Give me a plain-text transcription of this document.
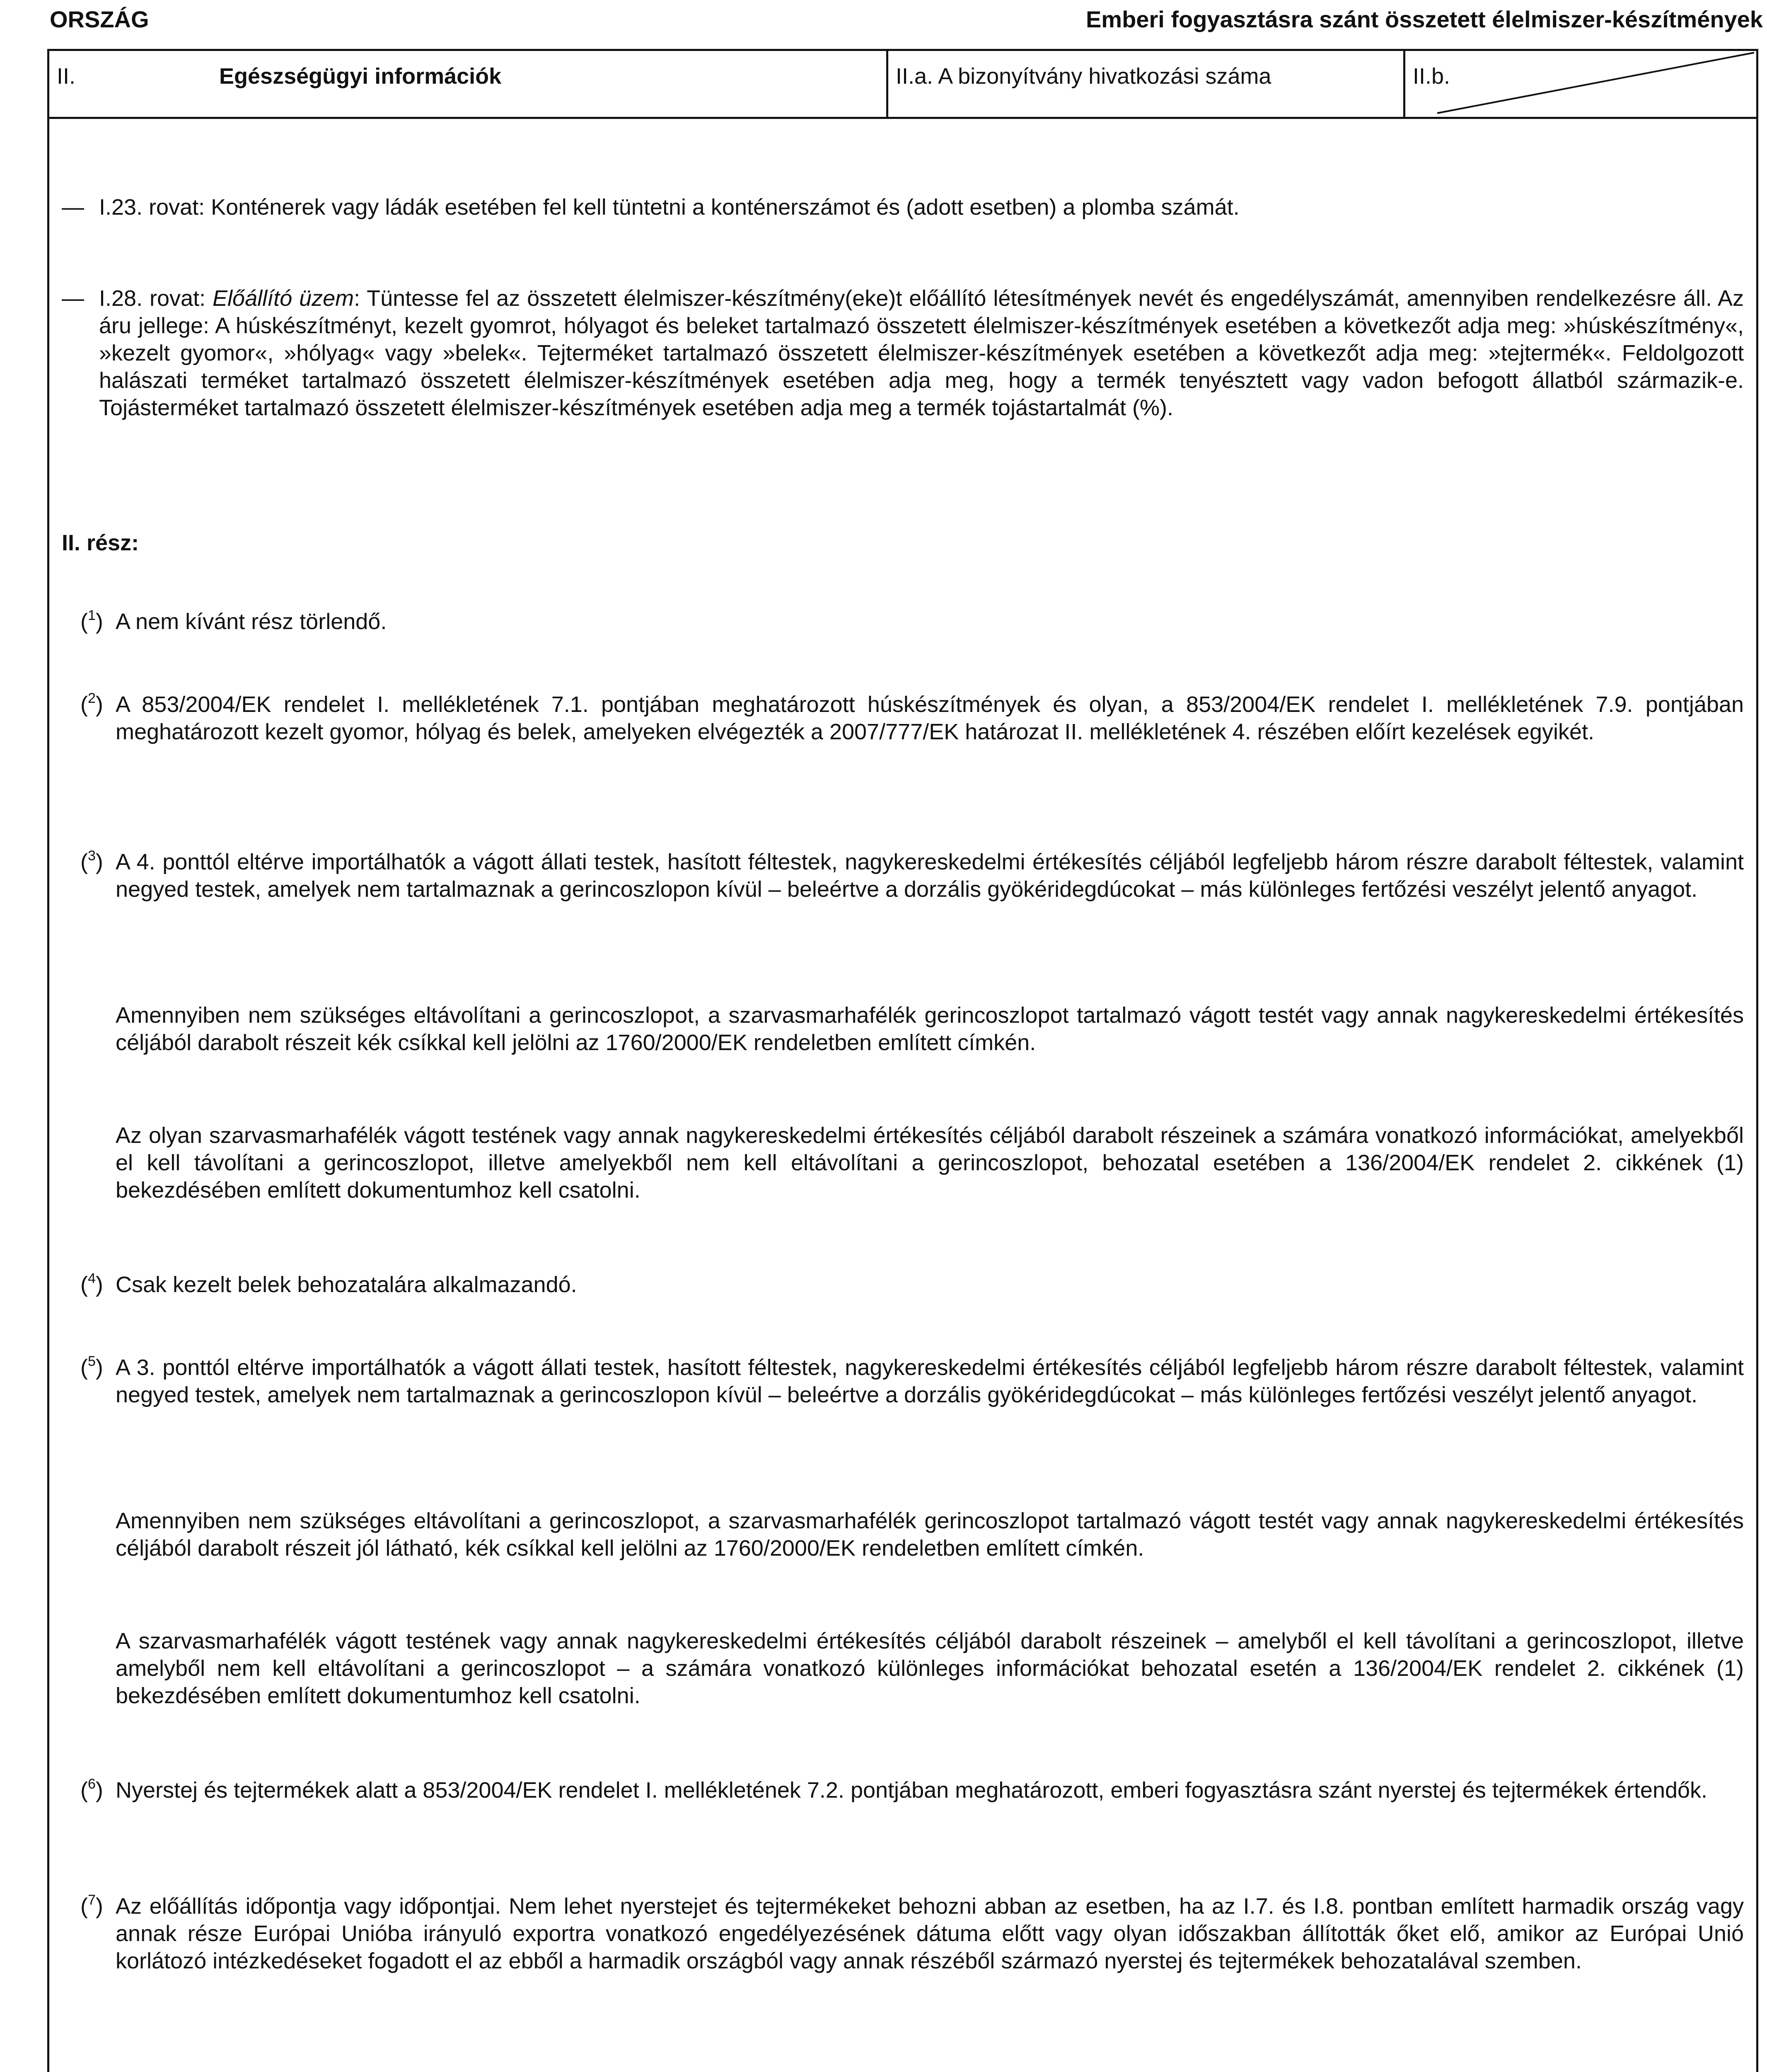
ORSZÁG	Emberi fogyasztásra szánt összetett élelmiszer-készítmények
II.	Egészségügyi információk	II.a. A bizonyítvány hivatkozási száma	II.b.
— I.23. rovat: Konténerek vagy ládák esetében fel kell tüntetni a konténerszámot és (adott esetben) a plomba számát.
— I.28. rovat: Előállító üzem: Tüntesse fel az összetett élelmiszer-készítmény(eke)t előállító létesítmények nevét és engedélyszámát, amennyiben rendelkezésre áll. Az áru jellege: A húskészítményt, kezelt gyomrot, hólyagot és beleket tartalmazó összetett élelmiszer-készítmények esetében a következőt adja meg: »húskészítmény«, »kezelt gyomor«, »hólyag« vagy »belek«. Tejterméket tartalmazó összetett élelmiszer-készítmények esetében a következőt adja meg: »tejtermék«. Feldolgozott halászati terméket tartalmazó összetett élelmiszer-készítmények esetében adja meg, hogy a termék tenyésztett vagy vadon befogott állatból származik-e. Tojásterméket tartalmazó összetett élelmiszer-készítmények esetében adja meg a termék tojástartalmát (%).
II. rész:
($^1$) A nem kívánt rész törlendő.
($^2$) A 853/2004/EK rendelet I. mellékletének 7.1. pontjában meghatározott húskészítmények és olyan, a 853/2004/EK rendelet I. mellékletének 7.9. pontjában meghatározott kezelt gyomor, hólyag és belek, amelyeken elvégezték a 2007/777/EK határozat II. mellékletének 4. részében előírt kezelések egyikét.
($^3$) A 4. ponttól eltérve importálhatók a vágott állati testek, hasított féltestek, nagykereskedelmi értékesítés céljából legfeljebb három részre darabolt féltestek, valamint negyed testek, amelyek nem tartalmaznak a gerincoszlopon kívül – beleértve a dorzális gyökéridegdúcokat – más különleges fertőzési veszélyt jelentő anyagot.
Amennyiben nem szükséges eltávolítani a gerincoszlopot, a szarvasmarhafélék gerincoszlopot tartalmazó vágott testét vagy annak nagykereskedelmi értékesítés céljából darabolt részeit kék csíkkal kell jelölni az 1760/2000/EK rendeletben említett címkén.
Az olyan szarvasmarhafélék vágott testének vagy annak nagykereskedelmi értékesítés céljából darabolt részeinek a számára vonatkozó információkat, amelyekből el kell távolítani a gerincoszlopot, illetve amelyekből nem kell eltávolítani a gerincoszlopot, behozatal esetében a 136/2004/EK rendelet 2. cikkének (1) bekezdésében említett dokumentumhoz kell csatolni.
($^4$) Csak kezelt belek behozatalára alkalmazandó.
($^5$) A 3. ponttól eltérve importálhatók a vágott állati testek, hasított féltestek, nagykereskedelmi értékesítés céljából legfeljebb három részre darabolt féltestek, valamint negyed testek, amelyek nem tartalmaznak a gerincoszlopon kívül – beleértve a dorzális gyökéridegdúcokat – más különleges fertőzési veszélyt jelentő anyagot.
Amennyiben nem szükséges eltávolítani a gerincoszlopot, a szarvasmarhafélék gerincoszlopot tartalmazó vágott testét vagy annak nagykereskedelmi értékesítés céljából darabolt részeit jól látható, kék csíkkal kell jelölni az 1760/2000/EK rendeletben említett címkén.
A szarvasmarhafélék vágott testének vagy annak nagykereskedelmi értékesítés céljából darabolt részeinek – amelyből el kell távolítani a gerincoszlopot, illetve amelyből nem kell eltávolítani a gerincoszlopot – a számára vonatkozó különleges információkat behozatal esetén a 136/2004/EK rendelet 2. cikkének (1) bekezdésében említett dokumentumhoz kell csatolni.
($^6$) Nyerstej és tejtermékek alatt a 853/2004/EK rendelet I. mellékletének 7.2. pontjában meghatározott, emberi fogyasztásra szánt nyerstej és tejtermékek értendők.
($^7$) Az előállítás időpontja vagy időpontjai. Nem lehet nyerstejet és tejtermékeket behozni abban az esetben, ha az I.7. és I.8. pontban említett harmadik ország vagy annak része Európai Unióba irányuló exportra vonatkozó engedélyezésének dátuma előtt vagy olyan időszakban állították őket elő, amikor az Európai Unió korlátozó intézkedéseket fogadott el az ebből a harmadik országból vagy annak részéből származó nyerstej és tejtermékek behozatalával szemben.
